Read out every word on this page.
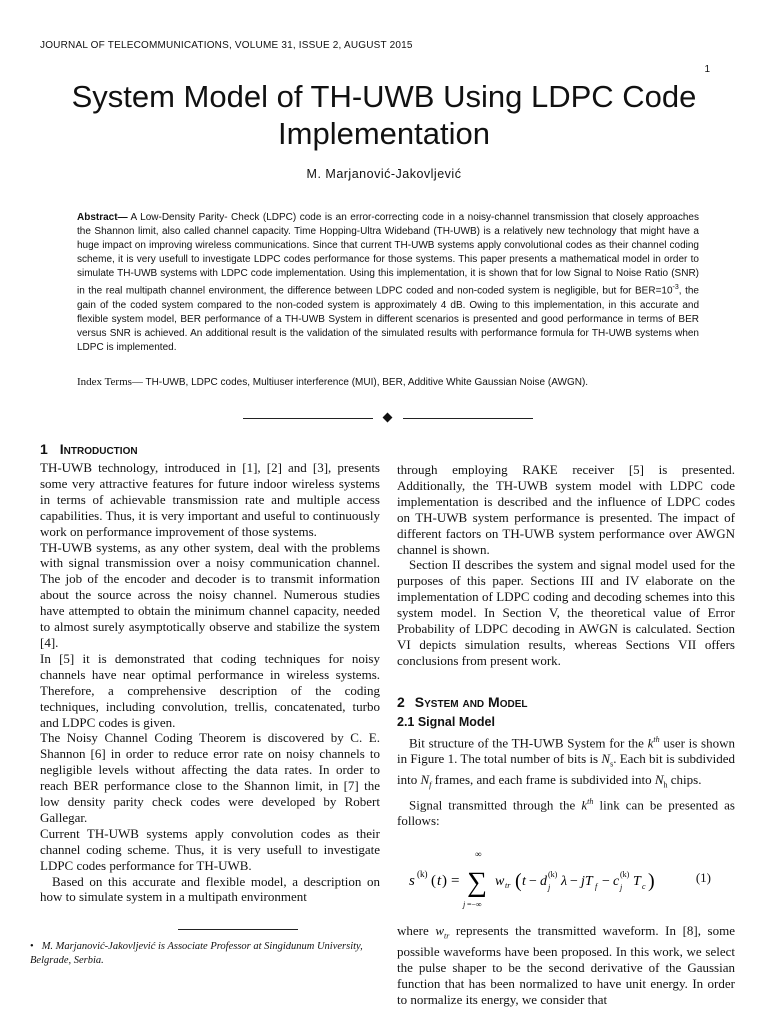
JOURNAL OF TELECOMMUNICATIONS, VOLUME 31, ISSUE 2, AUGUST 2015
1
System Model of TH-UWB Using LDPC Code Implementation
M. Marjanović-Jakovljević

Abstract— A Low-Density Parity- Check (LDPC) code is an error-correcting code in a noisy-channel transmission that closely approaches the Shannon limit, also called channel capacity. Time Hopping-Ultra Wideband (TH-UWB) is a relatively new technology that might have a huge impact on improving wireless communications. Since that current TH-UWB systems apply convolutional codes as their channel coding scheme, it is very usefull to investigate LDPC codes performance for those systems. This paper presents a mathematical model in order to simulate TH-UWB systems with LDPC code implementation. Using this implementation, it is shown that for low Signal to Noise Ratio (SNR) in the real multipath channel environment, the difference between LDPC coded and non-coded system is negligible, but for $BER=10^{-3}$, the gain of the coded system compared to the non-coded system is approximately 4 dB. Owing to this implementation, in this accurate and flexible system model, BER performance of a TH-UWB System in different scenarios is presented and good performance in terms of BER versus SNR is achieved. An additional result is the validation of the simulated results with performance formula for TH-UWB systems when LDPC is implemented.

Index Terms— TH-UWB, LDPC codes, Multiuser interference (MUI), BER, Additive White Gaussian Noise (AWGN).
1 Introduction

TH-UWB technology, introduced in [1], [2] and [3], presents some very attractive features for future indoor wireless systems in terms of achievable transmission rate and multiple access capabilities. Thus, it is very important and useful to continuously work on performance improvement of those systems.

TH-UWB systems, as any other system, deal with the problems with signal transmission over a noisy communication channel. The job of the encoder and decoder is to transmit information about the source across the noisy channel. Numerous studies have attempted to obtain the minimum channel capacity, needed to almost surely asymptotically observe and stabilize the system [4].

In [5] it is demonstrated that coding techniques for noisy channels have near optimal performance in wireless systems. Therefore, a comprehensive description of the coding techniques, including convolution, trellis, concatenated, turbo and LDPC codes is given.

The Noisy Channel Coding Theorem is discovered by C. E. Shannon [6] in order to reduce error rate on noisy channels to negligible levels without affecting the data rates. In order to reach BER performance close to the Shannon limit, in [7] the low density parity check codes were developed by Robert Gallegar.

Current TH-UWB systems apply convolution codes as their channel coding scheme. Thus, it is very usefull to investigate LDPC codes performance for TH-UWB.

Based on this accurate and flexible model, a description on how to simulate system in a multipath environment

• M. Marjanović-Jakovljević is Associate Professor at Singidunum University, Belgrade, Serbia.

through employing RAKE receiver [5] is presented. Additionally, the TH-UWB system model with LDPC code implementation is described and the influence of LDPC codes on TH-UWB system performance is presented. The impact of different factors on TH-UWB system performance over AWGN channel is shown.

Section II describes the system and signal model used for the purposes of this paper. Sections III and IV elaborate on the implementation of LDPC coding and decoding schemes into this system model. In Section V, the theoretical value of Error Probability of LDPC decoding in AWGN is calculated. Section VI depicts simulation results, whereas Sections VII offers conclusions from present work.

2 System and Model
2.1 Signal Model

Bit structure of the TH-UWB System for the $k^{th}$ user is shown in Figure 1. The total number of bits is $N_s$. Each bit is subdivided into $N_f$ frames, and each frame is subdivided into $N_h$ chips.

Signal transmitted through the $k^{th}$ link can be presented as follows:

s (k) ( t ) =
∞
∑
j =−∞
w tr ( t − d (k)
j λ − jT f − c (k)
j T c )	(1)

where $w_{tr}$ represents the transmitted waveform. In [8], some possible waveforms have been proposed. In this work, we select the pulse shaper to be the second derivative of the Gaussian function that has been normalized to have unit energy. In order to normalize its energy, we consider that
